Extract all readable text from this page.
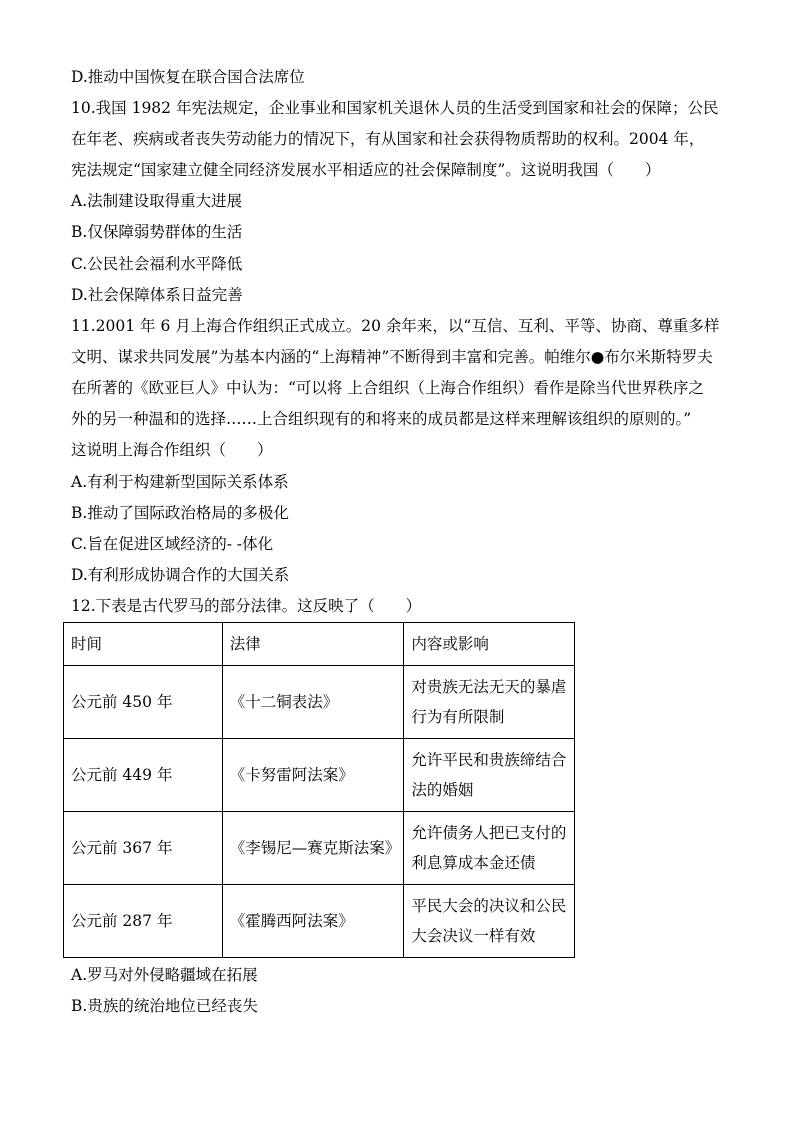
D.推动中国恢复在联合国合法席位
10.我国 1982 年宪法规定，企业事业和国家机关退休人员的生活受到国家和社会的保障；公民
在年老、疾病或者丧失劳动能力的情况下，有从国家和社会获得物质帮助的权利。2004 年，
宪法规定“国家建立健全同经济发展水平相适应的社会保障制度”。这说明我国（　　）
A.法制建设取得重大进展
B.仅保障弱势群体的生活
C.公民社会福利水平降低
D.社会保障体系日益完善
11.2001 年 6 月上海合作组织正式成立。20 余年来，以“互信、互利、平等、协商、尊重多样
文明、谋求共同发展”为基本内涵的“上海精神”不断得到丰富和完善。帕维尔●布尔米斯特罗夫
在所著的《欧亚巨人》中认为：“可以将 上合组织（上海合作组织）看作是除当代世界秩序之
外的另一种温和的选择……上合组织现有的和将来的成员都是这样来理解该组织的原则的。”
这说明上海合作组织（　　）
A.有利于构建新型国际关系体系
B.推动了国际政治格局的多极化
C.旨在促进区域经济的- -体化
D.有利形成协调合作的大国关系
12.下表是古代罗马的部分法律。这反映了（　　）
时间	法律	内容或影响
公元前 450 年	《十二铜表法》	对贵族无法无天的暴虐行为有所限制
公元前 449 年	《卡努雷阿法案》	允许平民和贵族缔结合法的婚姻
公元前 367 年	《李锡尼—赛克斯法案》	允许债务人把已支付的利息算成本金还债
公元前 287 年	《霍腾西阿法案》	平民大会的决议和公民大会决议一样有效
A.罗马对外侵略疆域在拓展
B.贵族的统治地位已经丧失
